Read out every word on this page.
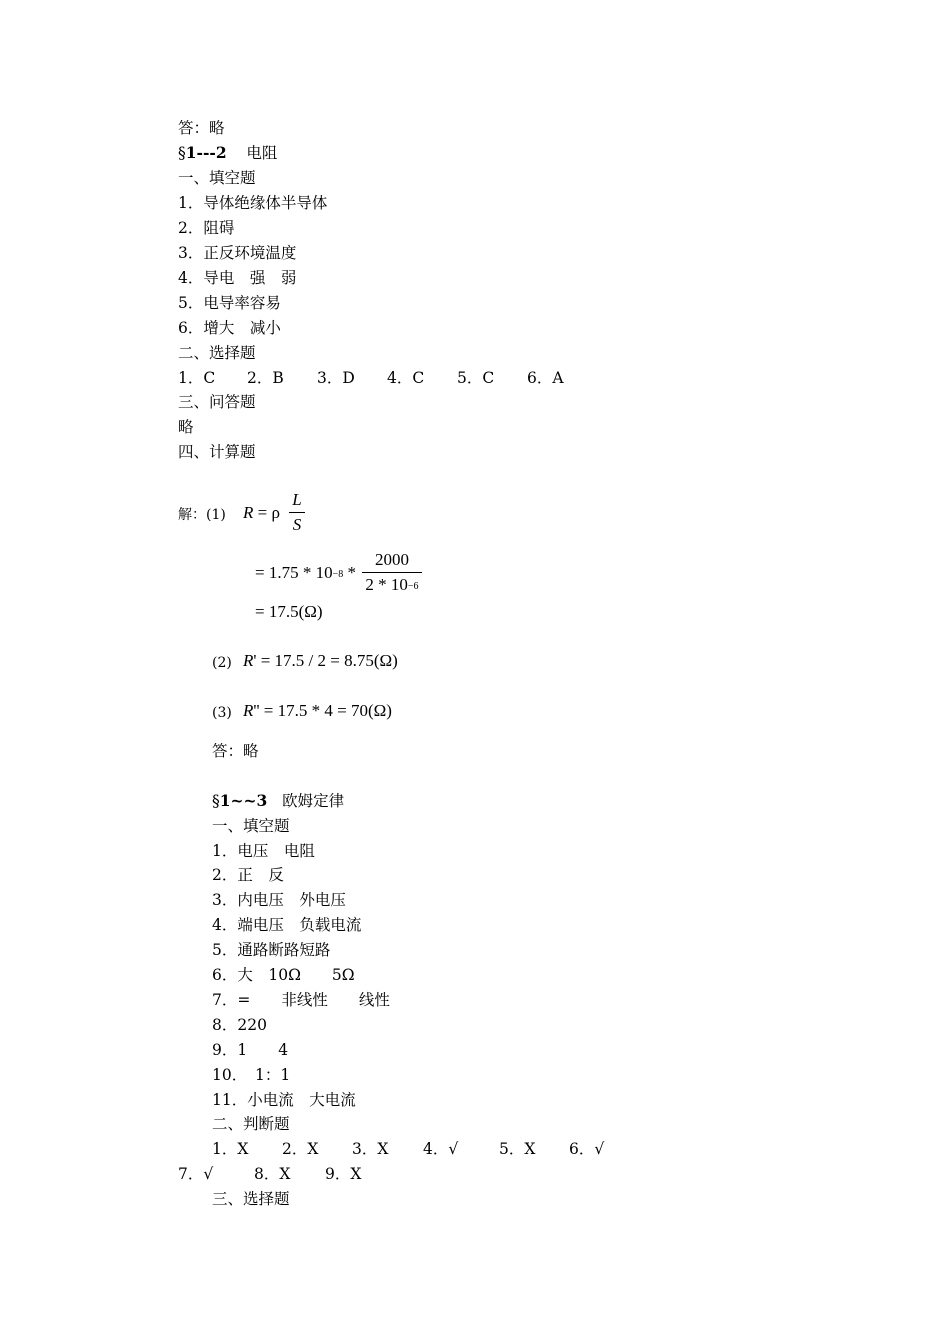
答：略
§1---2 电阻
一、填空题
1．导体绝缘体半导体
2．阻碍
3．正反环境温度
4．导电　强　弱
5．电导率容易
6．增大　减小
二、选择题
1．C 2．B 3．D 4．C 5．C 6．A
三、问答题
略
四、计算题
解：(1) R = ρ
L
S
= 1.75 * 10−8 *
2000
2 * 10−6
= 17.5(Ω)
(2) R' = 17.5 / 2 = 8.75(Ω)
(3) R'' = 17.5 * 4 = 70(Ω)
答：略
§1~~3 欧姆定律
一、填空题
1．电压　电阻
2．正　反
3．内电压　外电压
4．端电压　负载电流
5．通路断路短路
6．大　10Ω　　5Ω
7．=　　非线性　　线性
8．220
9．1　　4
10．　1：1
11．小电流　大电流
二、判断题
1．X 2．X 3．X 4．√	5．X 6．√
7．√	8．X 9．X
三、选择题
